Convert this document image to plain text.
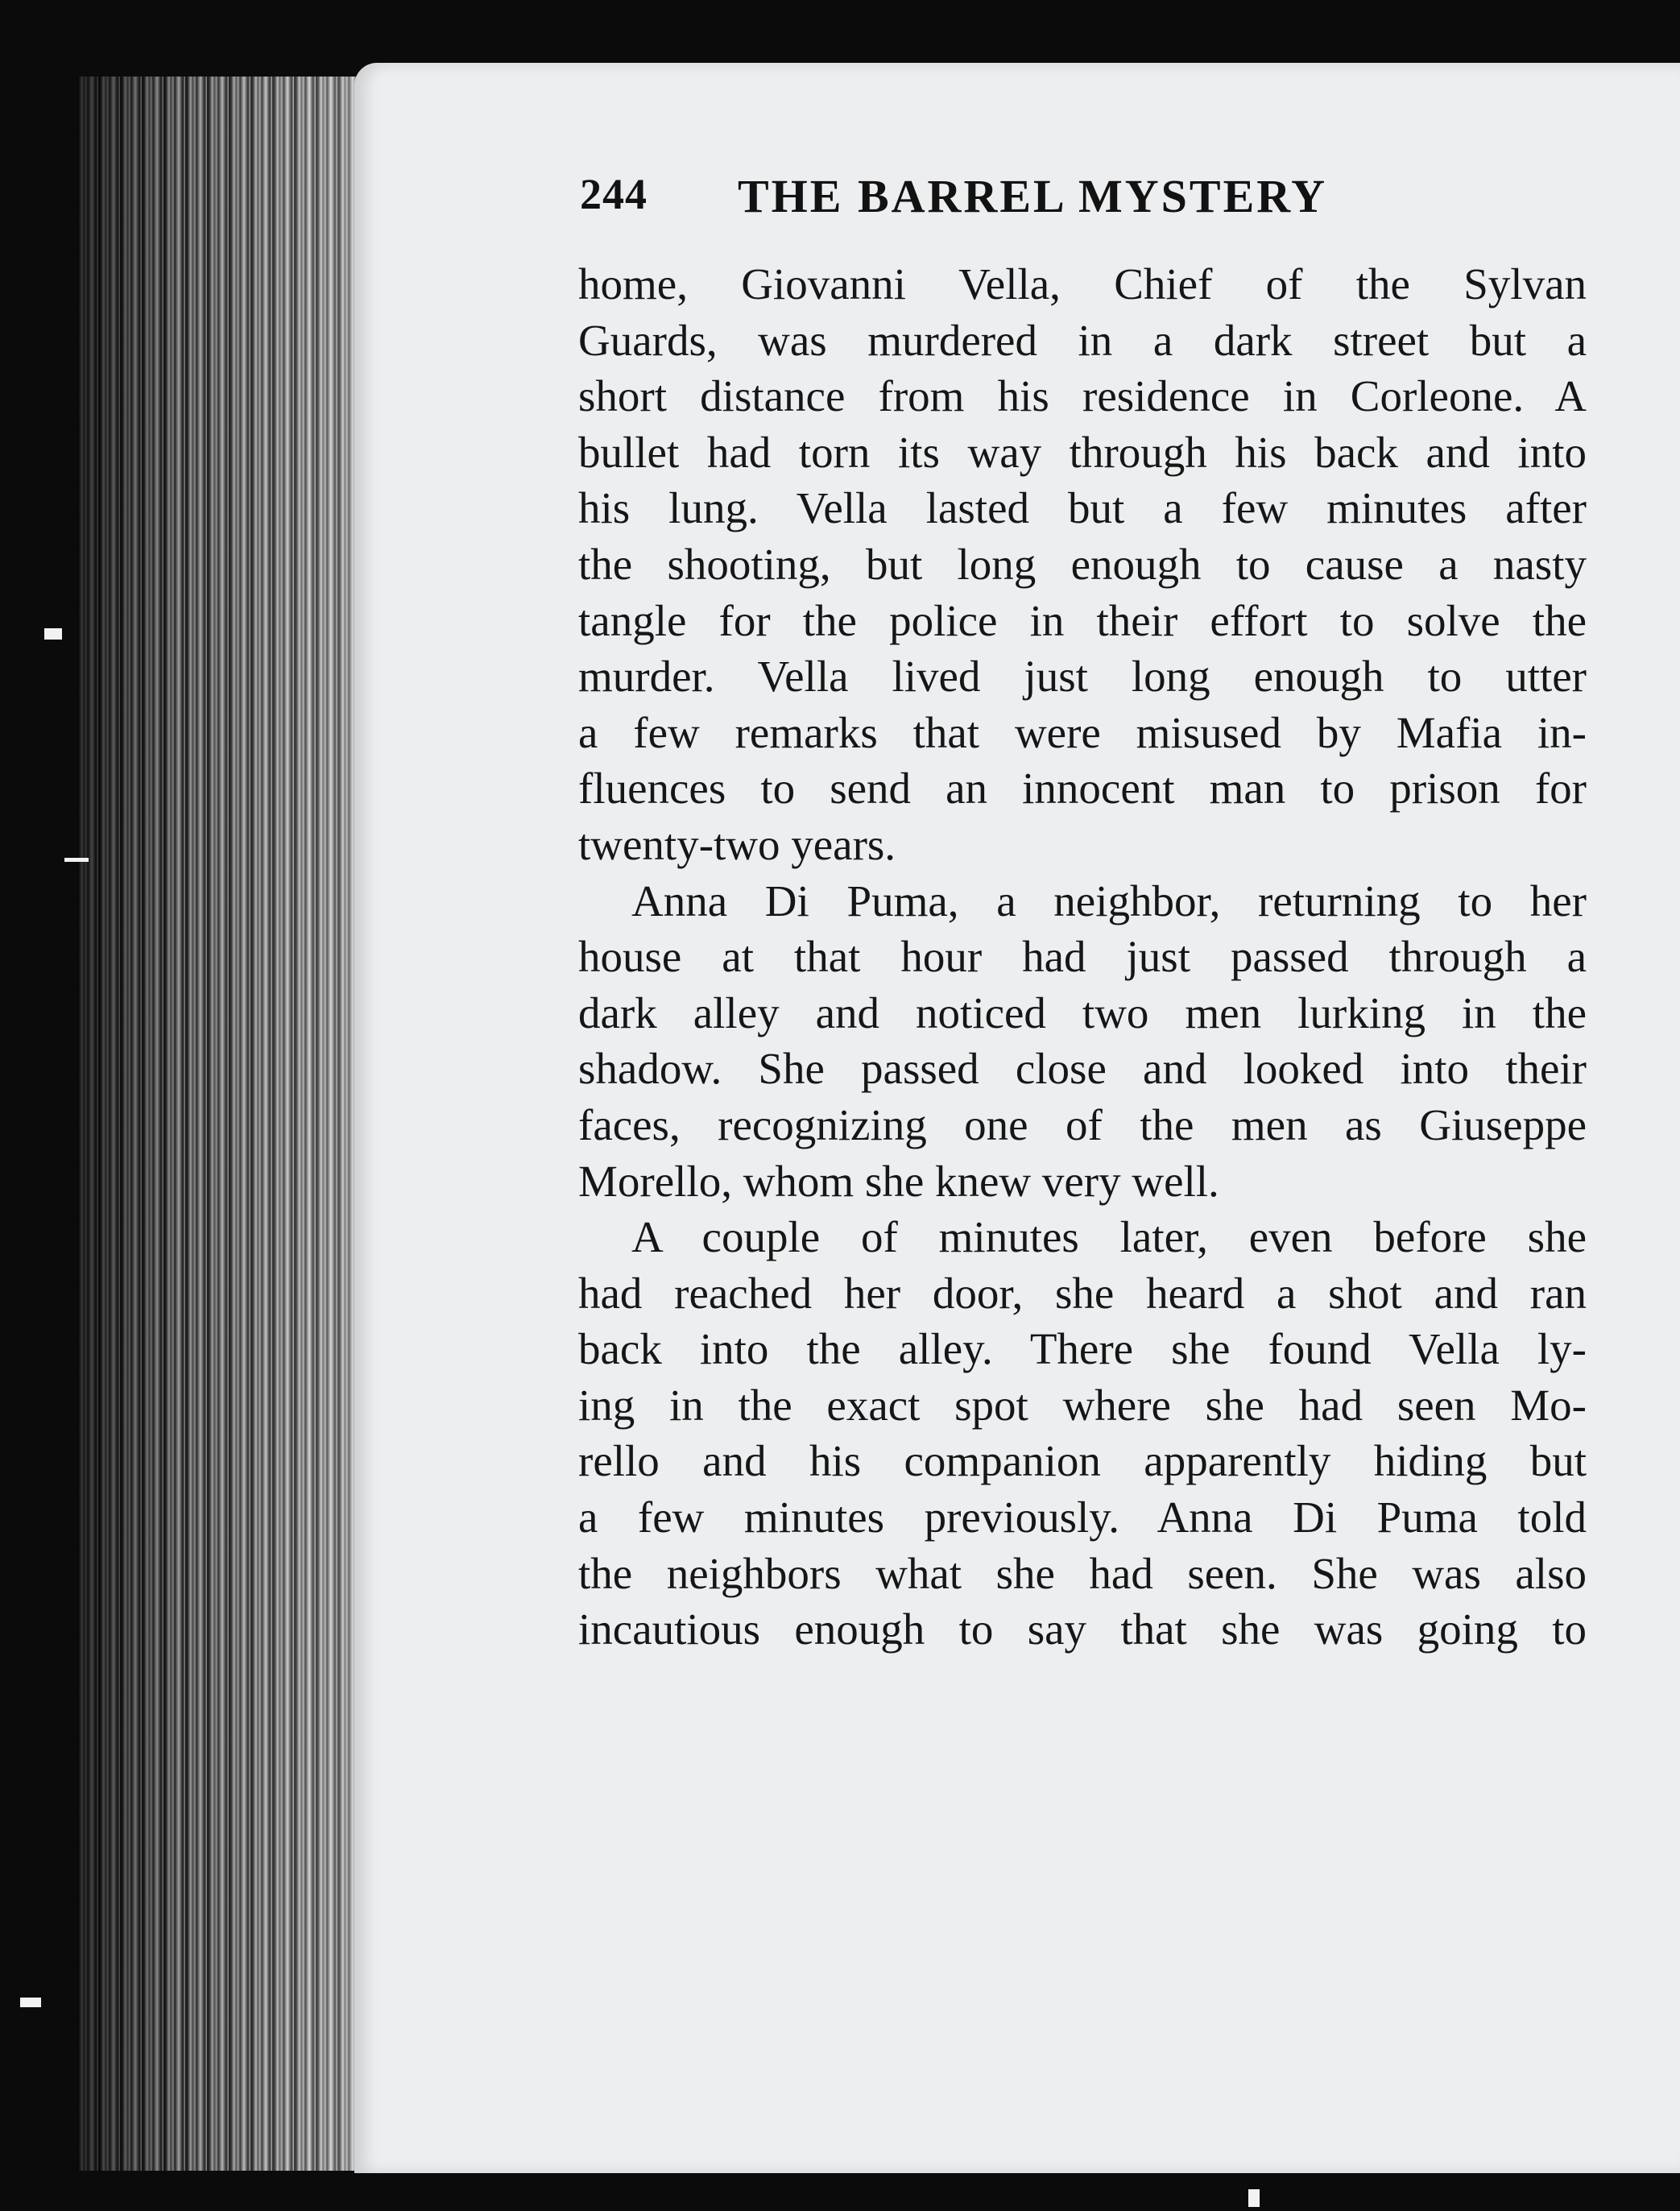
244 THE BARREL MYSTERY

home, Giovanni Vella, Chief of the Sylvan
Guards, was murdered in a dark street but a
short distance from his residence in Corleone. A
bullet had torn its way through his back and into
his lung. Vella lasted but a few minutes after
the shooting, but long enough to cause a nasty
tangle for the police in their effort to solve the
murder. Vella lived just long enough to utter
a few remarks that were misused by Mafia in-
fluences to send an innocent man to prison for
twenty-two years.

Anna Di Puma, a neighbor, returning to her
house at that hour had just passed through a
dark alley and noticed two men lurking in the
shadow. She passed close and looked into their
faces, recognizing one of the men as Giuseppe
Morello, whom she knew very well.

A couple of minutes later, even before she
had reached her door, she heard a shot and ran
back into the alley. There she found Vella ly-
ing in the exact spot where she had seen Mo-
rello and his companion apparently hiding but
a few minutes previously. Anna Di Puma told
the neighbors what she had seen. She was also
incautious enough to say that she was going to
